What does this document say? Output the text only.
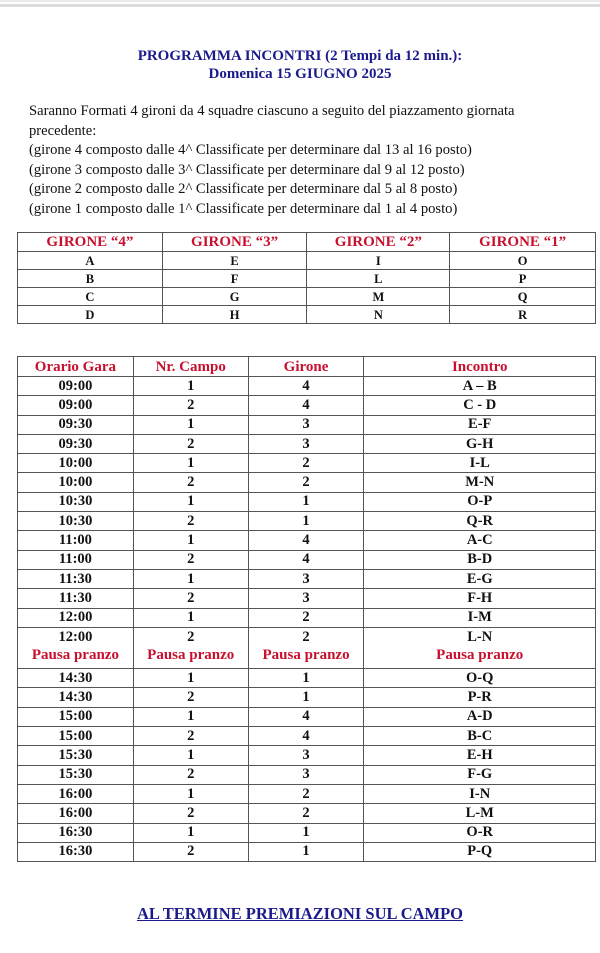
PROGRAMMA INCONTRI (2 Tempi da 12 min.):
Domenica 15 GIUGNO 2025
Saranno Formati 4 gironi da 4 squadre ciascuno a seguito del piazzamento giornata
precedente:
(girone 4 composto dalle 4^ Classificate per determinare dal 13 al 16 posto)
(girone 3 composto dalle 3^ Classificate per determinare dal 9 al 12 posto)
(girone 2 composto dalle 2^ Classificate per determinare dal 5 al 8 posto)
(girone 1 composto dalle 1^ Classificate per determinare dal 1 al 4 posto)
GIRONE “4”	GIRONE “3”	GIRONE “2”	GIRONE “1”
A	E	I	O
B	F	L	P
C	G	M	Q
D	H	N	R
Orario Gara	Nr. Campo	Girone	Incontro
09:00	1	4	A – B
09:00	2	4	C - D
09:30	1	3	E-F
09:30	2	3	G-H
10:00	1	2	I-L
10:00	2	2	M-N
10:30	1	1	O-P
10:30	2	1	Q-R
11:00	1	4	A-C
11:00	2	4	B-D
11:30	1	3	E-G
11:30	2	3	F-H
12:00	1	2	I-M
12:00	2	2	L-N
Pausa pranzo	Pausa pranzo	Pausa pranzo	Pausa pranzo
14:30	1	1	O-Q
14:30	2	1	P-R
15:00	1	4	A-D
15:00	2	4	B-C
15:30	1	3	E-H
15:30	2	3	F-G
16:00	1	2	I-N
16:00	2	2	L-M
16:30	1	1	O-R
16:30	2	1	P-Q
AL TERMINE PREMIAZIONI SUL CAMPO
